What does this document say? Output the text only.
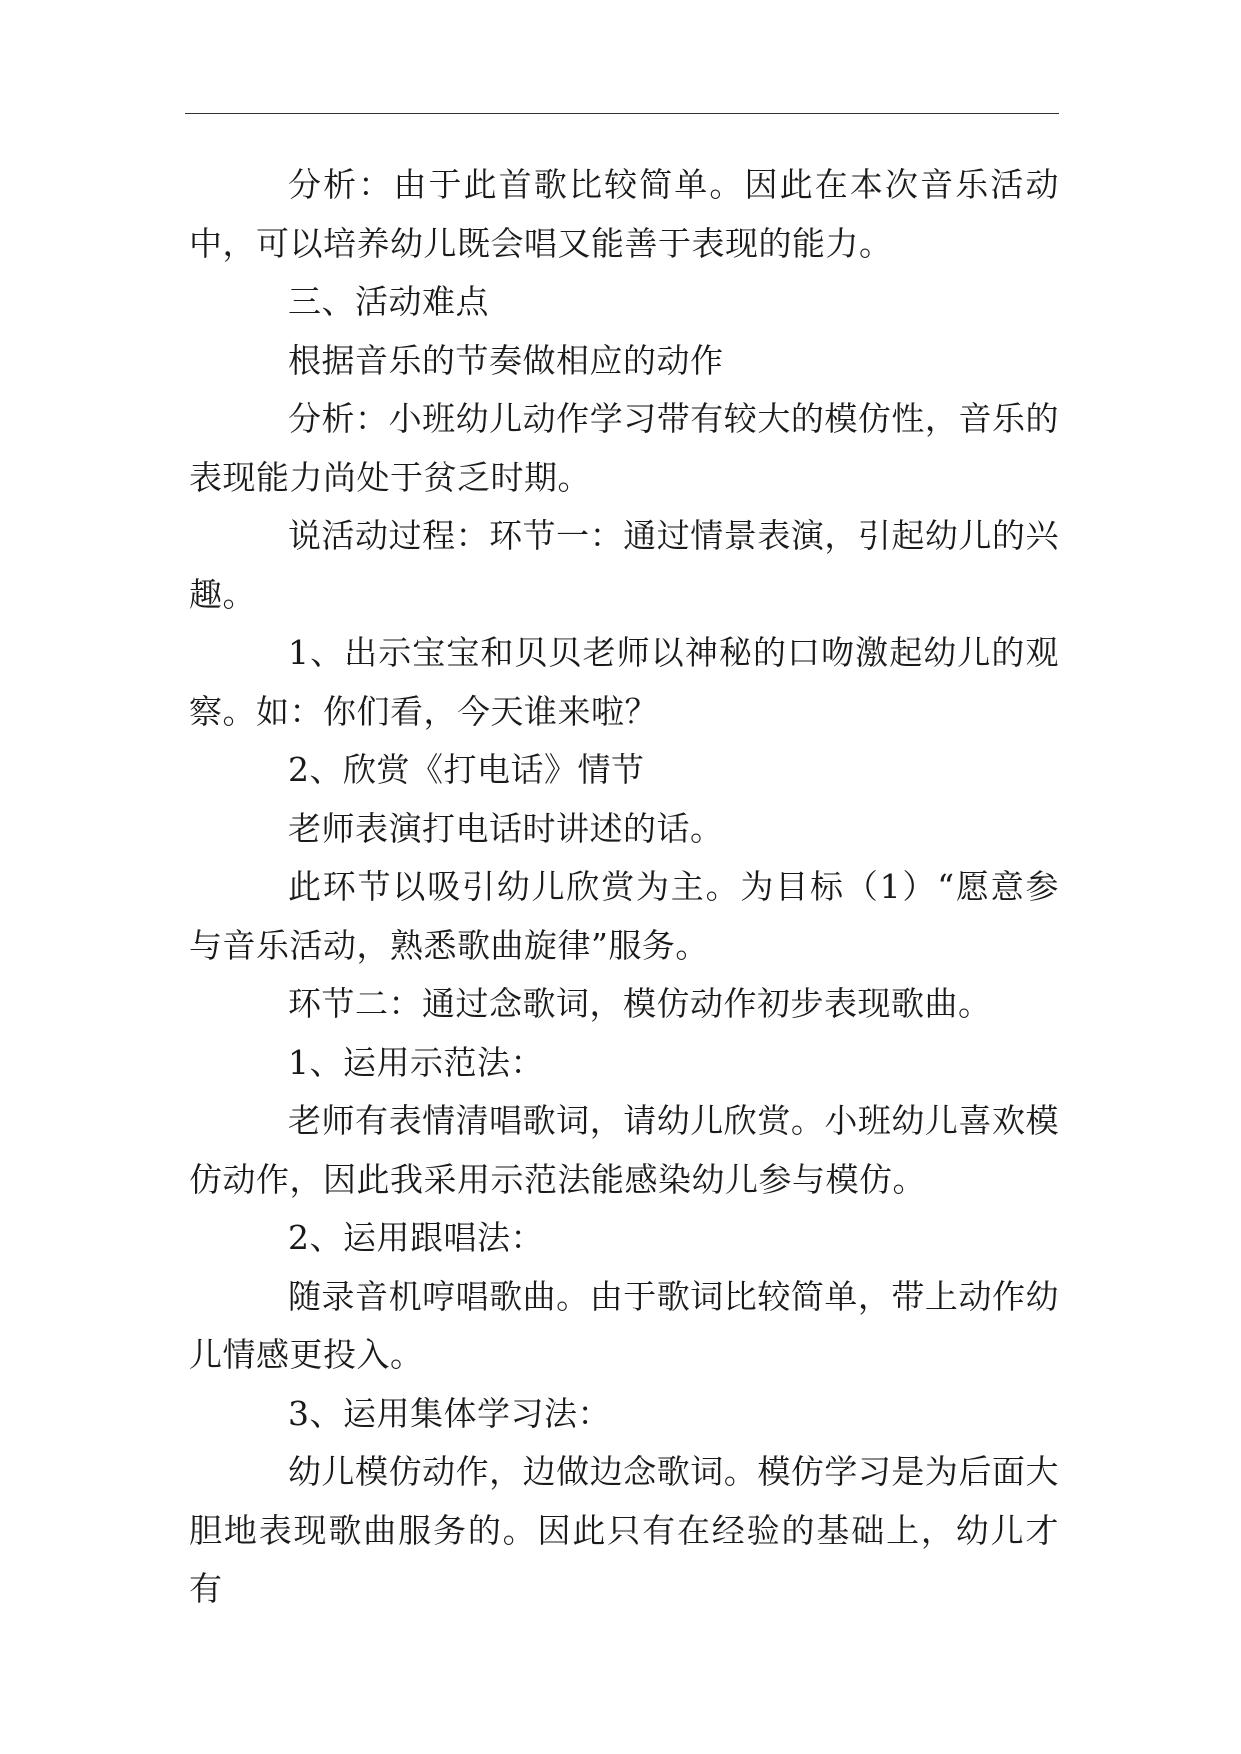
分析：由于此首歌比较简单。因此在本次音乐活动中，可以培养幼儿既会唱又能善于表现的能力。

三、活动难点

根据音乐的节奏做相应的动作

分析：小班幼儿动作学习带有较大的模仿性，音乐的表现能力尚处于贫乏时期。

说活动过程：环节一：通过情景表演，引起幼儿的兴趣。

1、出示宝宝和贝贝老师以神秘的口吻激起幼儿的观察。如：你们看，今天谁来啦？

2、欣赏《打电话》情节

老师表演打电话时讲述的话。

此环节以吸引幼儿欣赏为主。为目标（1）“愿意参与音乐活动，熟悉歌曲旋律”服务。

环节二：通过念歌词，模仿动作初步表现歌曲。

1、运用示范法：

老师有表情清唱歌词，请幼儿欣赏。小班幼儿喜欢模仿动作，因此我采用示范法能感染幼儿参与模仿。

2、运用跟唱法：

随录音机哼唱歌曲。由于歌词比较简单，带上动作幼儿情感更投入。

3、运用集体学习法：

幼儿模仿动作，边做边念歌词。模仿学习是为后面大胆地表现歌曲服务的。因此只有在经验的基础上，幼儿才有
